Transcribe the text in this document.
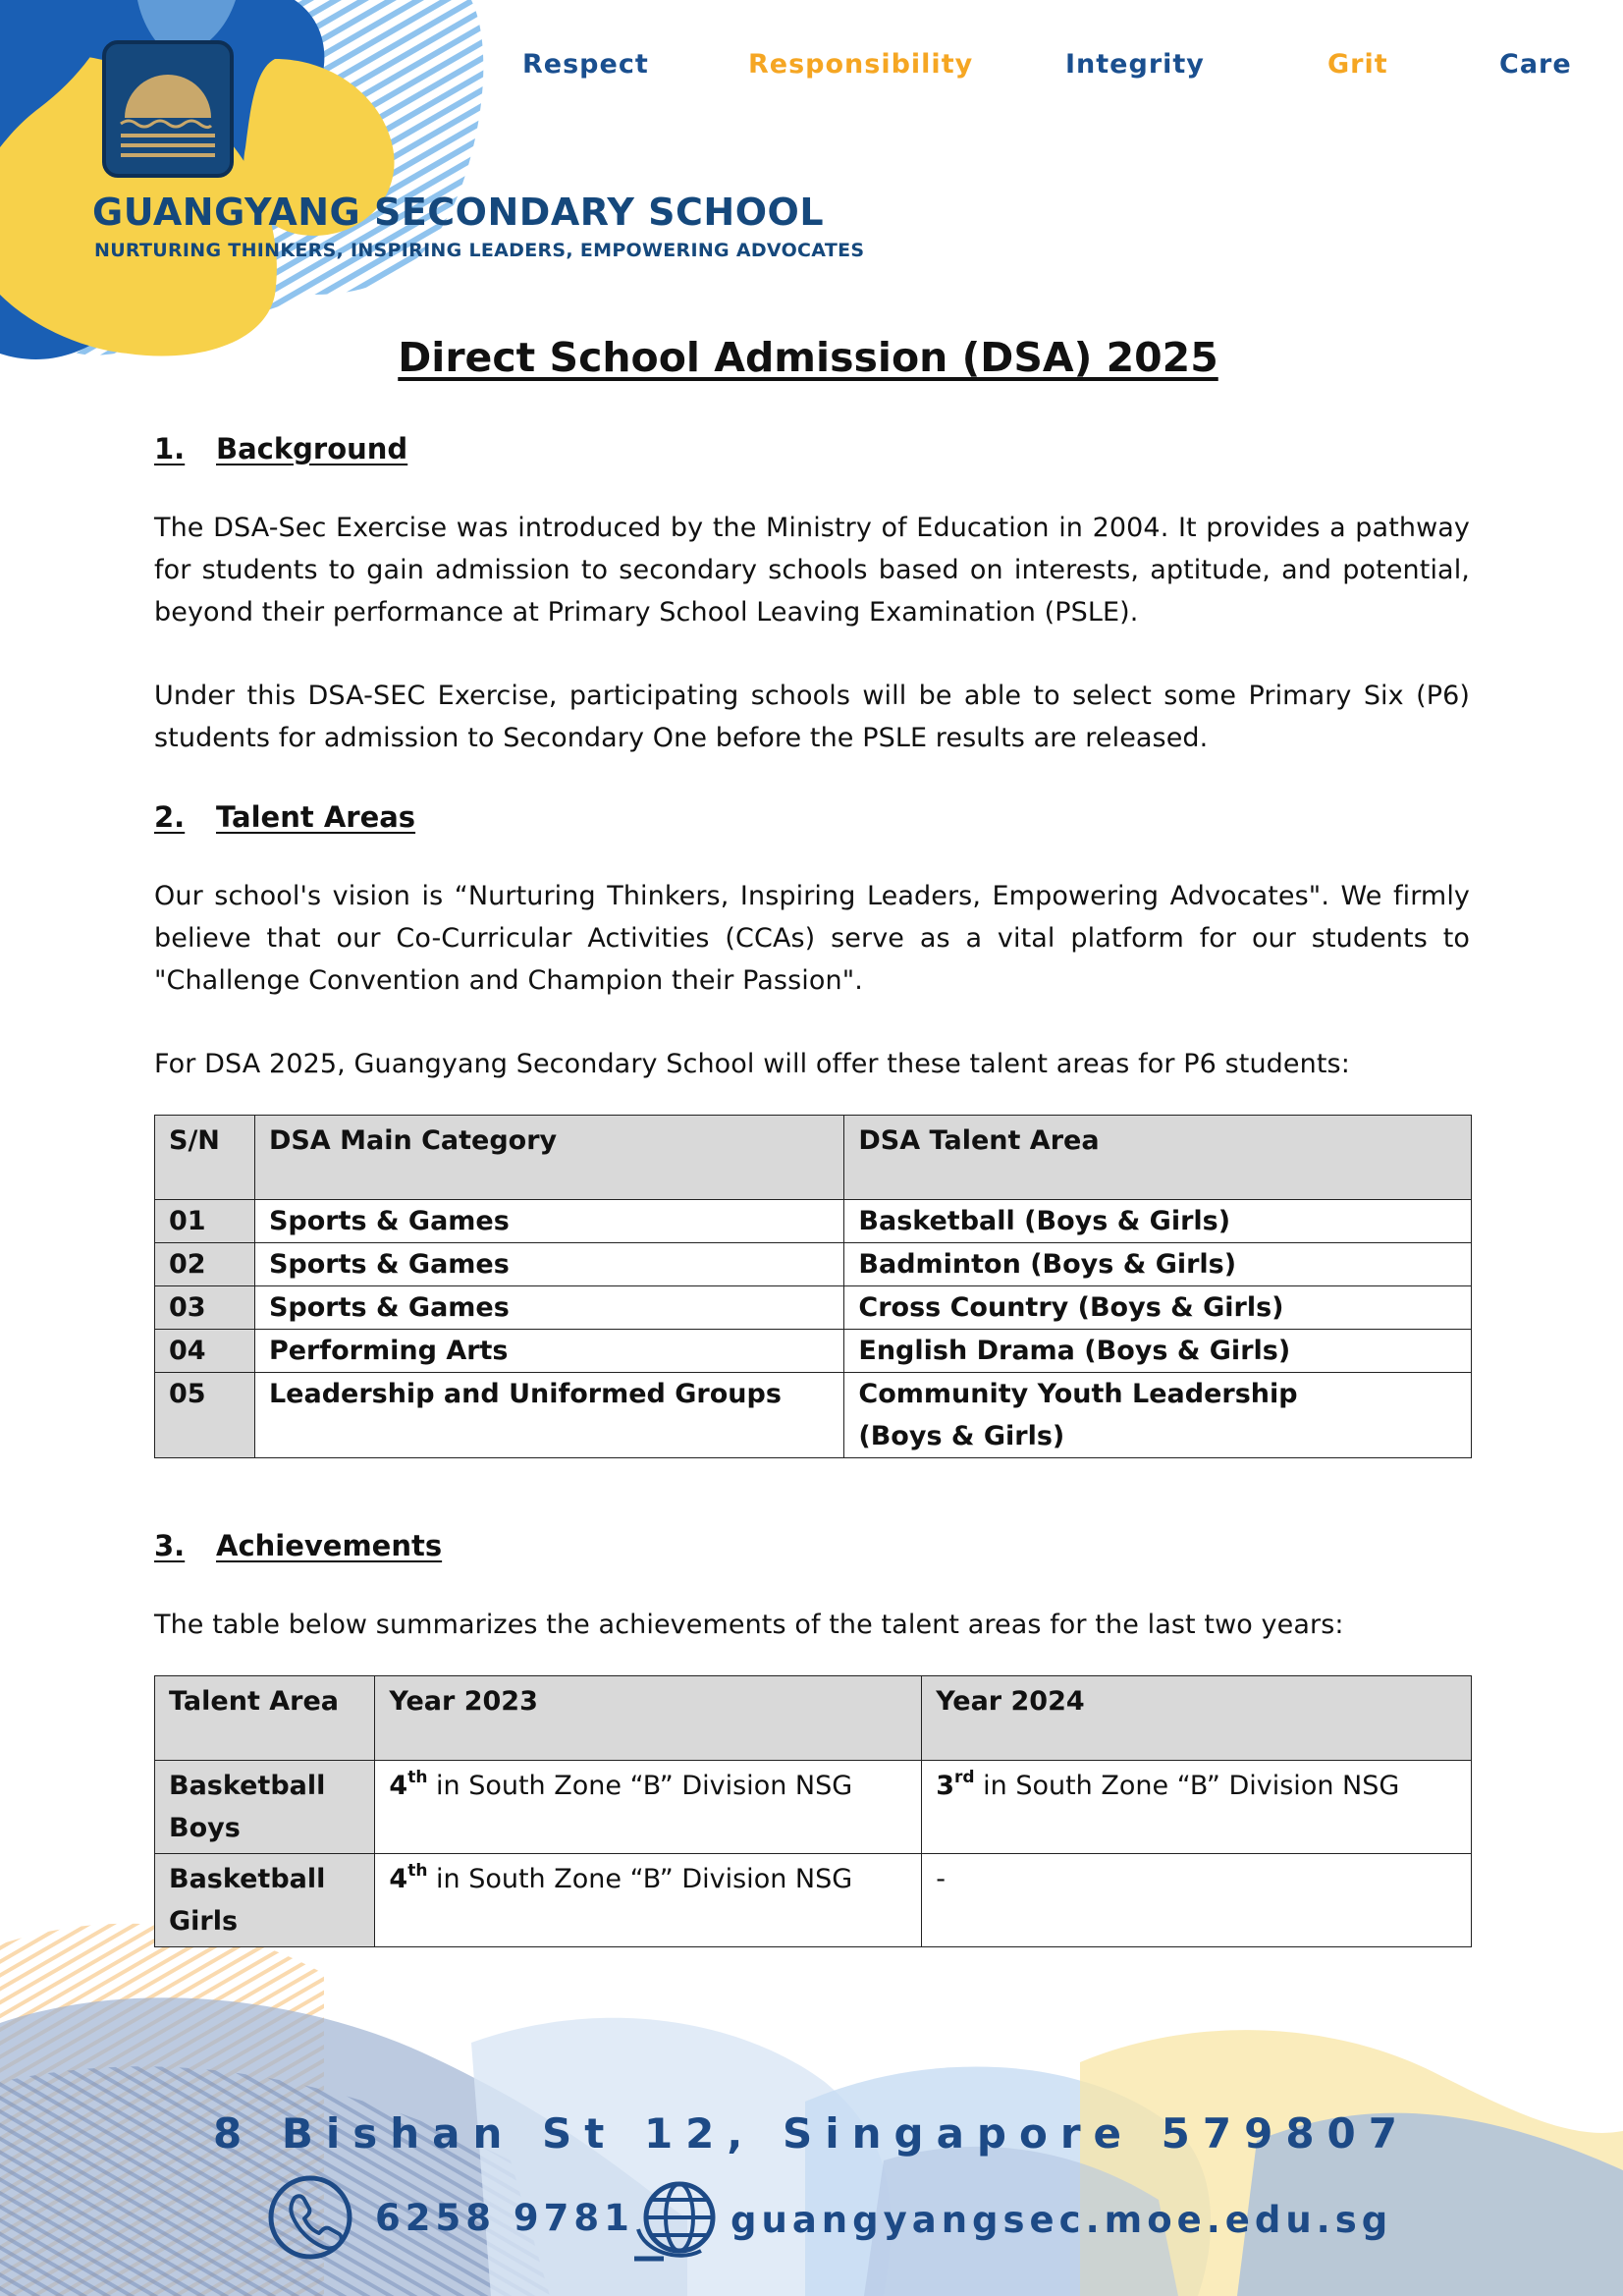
Respect	Responsibility	Integrity	Grit	Care
GUANGYANG SECONDARY SCHOOL
NURTURING THINKERS, INSPIRING LEADERS, EMPOWERING ADVOCATES
Direct School Admission (DSA) 2025
1.	Background

The DSA-Sec Exercise was introduced by the Ministry of Education in 2004. It provides a pathway for students to gain admission to secondary schools based on interests, aptitude, and potential, beyond their performance at Primary School Leaving Examination (PSLE).

Under this DSA-SEC Exercise, participating schools will be able to select some Primary Six (P6) students for admission to Secondary One before the PSLE results are released.

2.	Talent Areas

Our school's vision is “Nurturing Thinkers, Inspiring Leaders, Empowering Advocates". We firmly believe that our Co-Curricular Activities (CCAs) serve as a vital platform for our students to "Challenge Convention and Champion their Passion".

For DSA 2025, Guangyang Secondary School will offer these talent areas for P6 students:

S/N	DSA Main Category	DSA Talent Area
01	Sports & Games	Basketball (Boys & Girls)
02	Sports & Games	Badminton (Boys & Girls)
03	Sports & Games	Cross Country (Boys & Girls)
04	Performing Arts	English Drama (Boys & Girls)
05	Leadership and Uniformed Groups	Community Youth Leadership (Boys & Girls)
3.	Achievements

The table below summarizes the achievements of the talent areas for the last two years:

Talent Area	Year 2023	Year 2024
Basketball Boys	4th in South Zone “B” Division NSG	3rd in South Zone “B” Division NSG
Basketball Girls	4th in South Zone “B” Division NSG	-
8 Bishan St 12, Singapore 579807
6258 9781	guangyangsec.moe.edu.sg
